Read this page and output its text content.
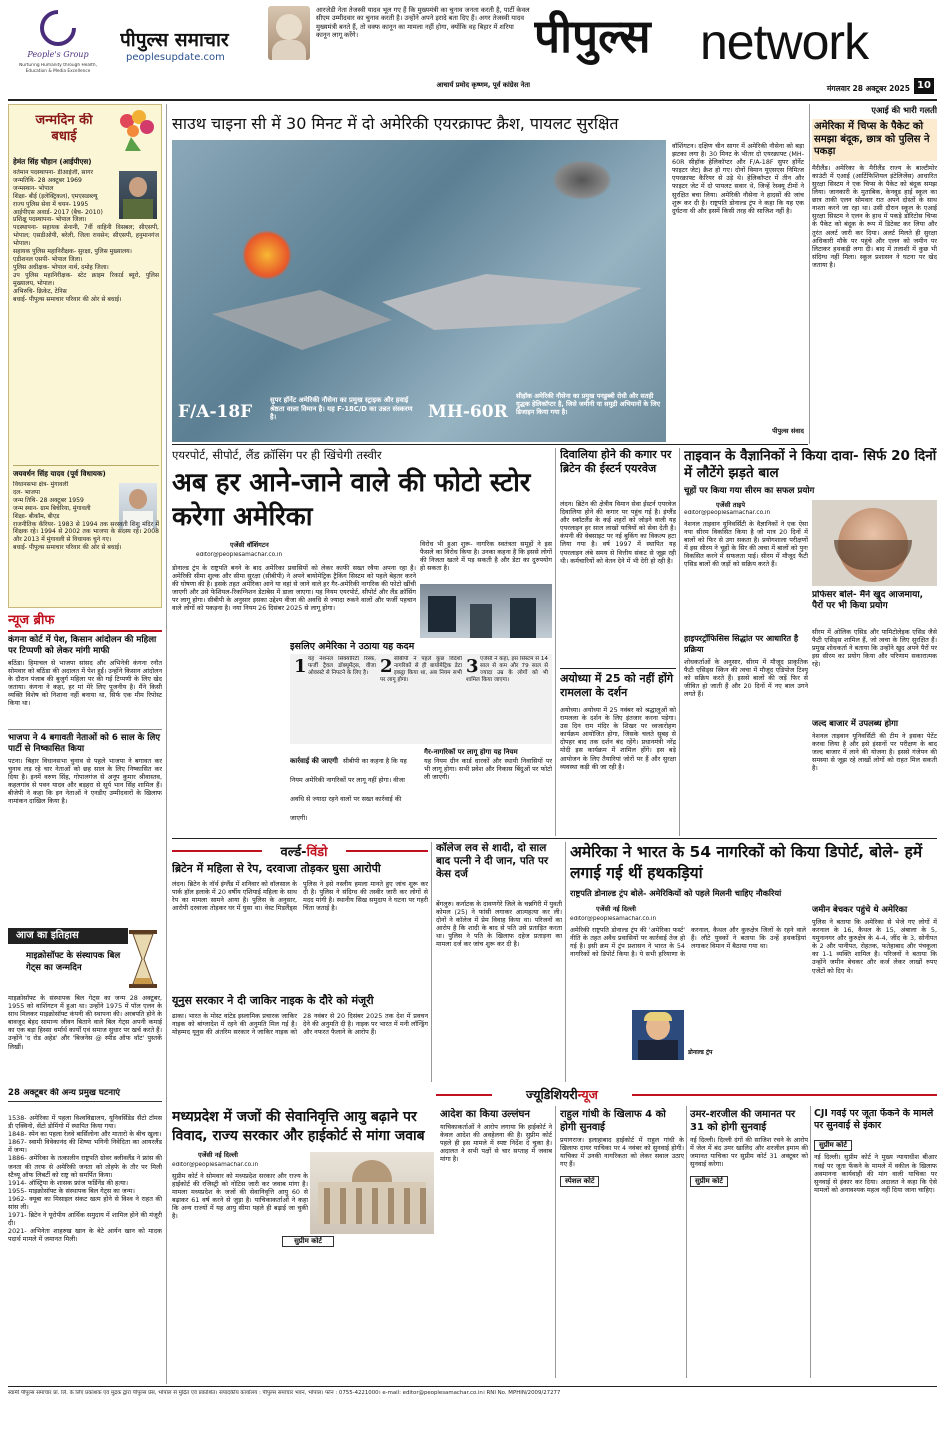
People's Group
Nurturing Humanity through Health, Education & Media Excellence
पीपुल्स समाचार
peoplesupdate.com
आरजेडी नेता तेजस्वी यादव भूल गए हैं कि मुख्यमंत्री का चुनाव जनता करती है, पार्टी केवल सीएम उम्मीदवार का चुनाव करती है। उन्होंने अपने इरादे बता दिए हैं। अगर तेजस्वी यादव मुख्यमंत्री बनते हैं, तो वक्फ कानून का मामला नहीं होगा, क्योंकि वह बिहार में शरिया कानून लागू करेंगे।
आचार्य प्रमोद कृष्णम, पूर्व कांग्रेस नेता
पीपुल्स network
मंगलवार 28 अक्टूबर 2025 10
जन्मदिन की बधाई
हेमंत सिंह चौहान (आईपीएस)
वर्तमान पदस्थापना- डीआईजी, सागर
जन्मतिथि- 28 अक्टूबर 1969
जन्मस्थान- भोपाल
शिक्षा- बीई (इलेक्ट्रिकल), एमएसडब्ल्यू
राज्य पुलिस सेवा में चयन- 1995
आईपीएस अवार्ड- 2017 (बैच- 2010)
प्रशिक्षु पदस्थापना- भोपाल जिला।
पदस्थापना- सहायक सेनानी, 7वीं वाहिनी विसबल; सीएसपी, भोपाल; एसडीओपी, बरेली, जिला रायसेन; सीएसपी, हनुमानगंज भोपाल।
सहायक पुलिस महानिरीक्षक- सुरक्षा, पुलिस मुख्यालय।
एडीशनल एसपी- भोपाल जिला।
पुलिस अधीक्षक- भोपाल नार्थ, दमोह जिला।
उप पुलिस महानिरीक्षक- स्टेट क्राइम रिकार्ड ब्यूरो, पुलिस मुख्यालय, भोपाल।
अभिरुचि- क्रिकेट, टेनिस
बधाई- पीपुल्स समाचार परिवार की ओर से बधाई।
जयवर्धन सिंह यादव (पूर्व विधायक)
विधानसभा क्षेत्र- मुंगावली
दल- भाजपा
जन्म तिथि- 28 अक्टूबर 1959
जन्म स्थान- ग्राम बिचेरिया, मुंगावली
शिक्षा- बीकॉम, बीएड
राजनीतिक कॅरियर- 1983 से 1994 तक सरस्वती शिशु मंदिर में शिक्षक रहे। 1994 से 2002 तक भाजपा के सदस्य रहे। 2008 और 2013 में मुंगावली से विधायक चुने गए।
बधाई- पीपुल्स समाचार परिवार की ओर से बधाई।
न्यूज ब्रीफ
कंगना कोर्ट में पेश, किसान आंदोलन की महिला पर टिप्पणी को लेकर मांगी माफी
बठिंडा। हिमाचल से भाजपा सांसद और अभिनेत्री कंगना रनौत सोमवार को बठिंडा की अदालत में पेश हुईं। उन्होंने किसान आंदोलन के दौरान पंजाब की बुजुर्ग महिला पर की गई टिप्पणी के लिए खेद जताया। कंगना ने कहा, हर मां मेरे लिए पूजनीय है। मैंने किसी व्यक्ति विशेष को निशाना नहीं बनाया था, सिर्फ एक मीम रिपोस्ट किया था।
भाजपा ने 4 बगावती नेताओं को 6 साल के लिए पार्टी से निष्कासित किया
पटना। बिहार विधानसभा चुनाव से पहले भाजपा ने बगावत कर चुनाव लड़ रहे चार नेताओं को छह साल के लिए निष्कासित कर दिया है। इनमें वरुण सिंह, गोपालगंज से अनूप कुमार श्रीवास्तव, कहलगांव से पवन यादव और बड़हरा से सूर्य भान सिंह शामिल हैं। बीजेपी ने कहा कि इन नेताओं ने एनडीए उम्मीदवारों के खिलाफ नामांकन दाखिल किया है।
आज का इतिहास
माइक्रोसॉफ्ट के संस्थापक बिल गेट्स का जन्मदिन
माइक्रोसॉफ्ट के संस्थापक बिल गेट्स का जन्म 28 अक्टूबर, 1955 को वाशिंगटन में हुआ था। उन्होंने 1975 में पॉल एलन के साथ मिलकर माइक्रोसॉफ्ट कंपनी की स्थापना की। अरबपति होने के बावजूद बेहद सामान्य जीवन बिताने वाले बिल गेट्स अपनी कमाई का एक बड़ा हिस्सा धर्मार्थ कार्यों एवं समाज सुधार पर खर्च करते हैं। उन्होंने 'द रोड अहेड' और 'बिजनेस @ स्पीड ऑफ थॉट' पुस्तकें लिखीं।
28 अक्टूबर की अन्य प्रमुख घटनाएं

1538- अमेरिका में पहला विश्वविद्यालय, यूनिवर्सिडेड सैंटो टॉमस डी एक्विनो, सेंटो डोमिंगो में स्थापित किया गया।

1848- स्पेन का पहला रेलवे बार्सिलोना और मातारो के बीच खुला।

1867- स्वामी विवेकानंद की शिष्या भगिनी निवेदिता का आयरलैंड में जन्म।

1886- अमेरिका के तत्कालीन राष्ट्रपति ग्रोवर क्लीवलैंड ने फ्रांस की जनता की तरफ से अमेरिकी जनता को तोहफे के तौर पर मिली स्टैच्यू ऑफ लिबर्टी को राष्ट्र को समर्पित किया।

1914- ऑस्ट्रिया के शासक फ्रांज फर्डिनेंड की हत्या।

1955- माइक्रोसॉफ्ट के संस्थापक बिल गेट्स का जन्म।

1962- क्यूबा का मिसाइल संकट खत्म होने से विश्व ने राहत की सांस ली।

1971- ब्रिटेन ने यूरोपीय आर्थिक समुदाय में शामिल होने की मंजूरी दी।

2021- अभिनेता शाहरुख खान के बेटे आर्यन खान को मादक पदार्थ मामले में जमानत मिली।

साउथ चाइना सी में 30 मिनट में दो अमेरिकी एयरक्राफ्ट क्रैश, पायलट सुरक्षित
F/A-18F
सुपर हॉर्नेट अमेरिकी नौसेना का प्रमुख स्ट्राइक और हवाई श्रेष्ठता वाला विमान है। यह F-18C/D का उन्नत संस्करण है।	MH-60R
सीहॉक अमेरिकी नौसेना का प्रमुख पनडुब्बी रोधी और सतही युद्धक हेलिकॉप्टर है, जिसे जमीनी या समुद्री अभियानों के लिए डिजाइन किया गया है।
वॉशिंगटन। दक्षिण चीन सागर में अमेरिकी नौसेना को बड़ा झटका लगा है। 30 मिनट के भीतर दो एयरक्राफ्ट (MH-60R सीहॉक हेलिकॉप्टर और F/A-18F सुपर हॉर्नेट फाइटर जेट) क्रैश हो गए। दोनों विमान यूएसएस निमित्ज एयरक्राफ्ट कैरियर से उड़े थे। हेलिकॉप्टर में तीन और फाइटर जेट में दो पायलट सवार थे, जिन्हें रेस्क्यू टीमों ने सुरक्षित बचा लिया। अमेरिकी नौसेना ने हादसों की जांच शुरू कर दी है। राष्ट्रपति डोनाल्ड ट्रंप ने कहा कि यह एक दुर्घटना थी और इसमें किसी तरह की साजिश नहीं है।
पीपुल्स संवाद
एआई की भारी गलती
अमेरिका में चिप्स के पैकेट को समझा बंदूक, छात्र को पुलिस ने पकड़ा
मैरीलैंड। अमेरिका के मैरीलैंड राज्य के बाल्टीमोर काउंटी में एआई (आर्टिफिशियल इंटेलिजेंस) आधारित सुरक्षा सिस्टम ने एक चिप्स के पैकेट को बंदूक समझ लिया। जानकारी के मुताबिक, केनवुड हाई स्कूल का छात्र ताकी एलन सोमवार रात अपने दोस्तों के साथ नाश्ता करने जा रहा था। उसी दौरान स्कूल के एआई सुरक्षा सिस्टम ने एलन के हाथ में पकड़े डोरिटोस चिप्स के पैकेट को बंदूक के रूप में डिटेक्ट कर लिया और तुरंत अलर्ट जारी कर दिया। अलर्ट मिलते ही सुरक्षा अधिकारी मौके पर पहुंचे और एलन को जमीन पर लिटाकर हथकड़ी लगा दी। बाद में तलाशी में कुछ भी संदिग्ध नहीं मिला। स्कूल प्रशासन ने घटना पर खेद जताया है।
एयरपोर्ट, सीपोर्ट, लैंड क्रॉसिंग पर ही खिंचेगी तस्वीर
अब हर आने-जाने वाले की फोटो स्टोर करेगा अमेरिका
एजेंसी वॉशिंगटन
editor@peoplesamachar.co.in
डोनाल्ड ट्रंप के राष्ट्रपति बनने के बाद अमेरिका प्रवासियों को लेकर काफी सख्त रवैया अपना रहा है। अमेरिकी सीमा शुल्क और सीमा सुरक्षा (सीबीपी) ने अपने बायोमेट्रिक ट्रैकिंग सिस्टम को पहले बेहतर करने की घोषणा की है। इसके तहत अमेरिका आने या वहां से जाने वाले हर गैर-अमेरिकी नागरिक की फोटो खींची जाएगी और उसे फेशियल-रिकग्निशन डेटाबेस में डाला जाएगा। यह नियम एयरपोर्ट, सीपोर्ट और लैंड क्रॉसिंग पर लागू होगा। सीबीपी के अनुसार इसका उद्देश्य वीजा की अवधि से ज्यादा रुकने वालों और फर्जी पहचान वाले लोगों को पकड़ना है। नया नियम 26 दिसंबर 2025 से लागू होगा।
विरोध भी हुआ शुरू- नागरिक स्वतंत्रता समूहों ने इस फैसले का विरोध किया है। उनका कहना है कि इससे लोगों की निजता खतरे में पड़ सकती है और डेटा का दुरुपयोग हो सकता है।
इसलिए अमेरिका ने उठाया यह कदम
1 यह नेशनल सिक्योरिटी रिस्क, फर्जी ट्रैवल डॉक्यूमेंट्स, वीजा ओवरस्टे से निपटने के लिए है। 2 सीबीपी ने पहले कुछ विदेशी नागरिकों से ही बायोमेट्रिक डेटा इकट्ठा किया था, अब नियम सभी पर लागू होगा।
3 एजेंसी ने कहा, इस सिस्टम से 14 साल से कम और 79 साल से ज्यादा उम्र के लोगों को भी शामिल किया जाएगा।
कार्रवाई की जाएगी सीबीपी का कहना है कि यह नियम अमेरिकी नागरिकों पर लागू नहीं होगा। वीजा अवधि से ज्यादा रहने वालों पर सख्त कार्रवाई की जाएगी।
गैर-नागरिकों पर लागू होगा यह नियम
यह नियम ग्रीन कार्ड धारकों और स्थायी निवासियों पर भी लागू होगा। सभी प्रवेश और निकास बिंदुओं पर फोटो ली जाएगी।
दिवालिया होने की कगार पर ब्रिटेन की ईस्टर्न एयरवेज
लंदन। ब्रिटेन की क्षेत्रीय विमान सेवा ईस्टर्न एयरवेज दिवालिया होने की कगार पर पहुंच गई है। इंग्लैंड और स्कॉटलैंड के कई शहरों को जोड़ने वाली यह एयरलाइन हर साल लाखों यात्रियों को सेवा देती है। कंपनी की वेबसाइट पर नई बुकिंग का विकल्प हटा लिया गया है। वर्ष 1997 में स्थापित यह एयरलाइन लंबे समय से वित्तीय संकट से जूझ रही थी। कर्मचारियों को वेतन देने में भी देरी हो रही है।
अयोध्या में 25 को नहीं होंगे रामलला के दर्शन
अयोध्या। अयोध्या में 25 नवंबर को श्रद्धालुओं को रामलला के दर्शन के लिए इंतजार करना पड़ेगा। उस दिन राम मंदिर के शिखर पर ध्वजारोहण कार्यक्रम आयोजित होगा, जिसके चलते सुबह से दोपहर बाद तक दर्शन बंद रहेंगे। प्रधानमंत्री नरेंद्र मोदी इस कार्यक्रम में शामिल होंगे। इस बड़े आयोजन के लिए तैयारियां जोरों पर हैं और सुरक्षा व्यवस्था कड़ी की जा रही है।
ताइवान के वैज्ञानिकों ने किया दावा- सिर्फ 20 दिनों में लौटेंगे झड़ते बाल
चूहों पर किया गया सीरम का सफल प्रयोग
एजेंसी ताइपे
editor@peoplesamachar.co.in
नेशनल ताइवान यूनिवर्सिटी के वैज्ञानिकों ने एक ऐसा नया सीरम विकसित किया है जो मात्र 20 दिनों में बालों को फिर से उगा सकता है। प्रयोगशाला परीक्षणों में इस सीरम ने चूहों के सिर की त्वचा में बालों को पुनः विकसित करने में सफलता पाई। सीरम में मौजूद फैटी एसिड बालों की जड़ों को सक्रिय करते हैं।
प्रोफेसर बोले- मैंने खुद आजमाया, पैरों पर भी किया प्रयोग
हाइपरट्रॉफिसिस सिद्धांत पर आधारित है प्रक्रिया
शोधकर्ताओं के अनुसार, सीरम में मौजूद प्राकृतिक फैटी एसिड्स स्किन की त्वचा में मौजूद एडिपोज टिश्यू को सक्रिय करते हैं। इससे बालों की जड़ें फिर से जीवित हो जाती हैं और 20 दिनों में नए बाल उगने लगते हैं।
सीरम में ओलिक एसिड और पामिटोलेइक एसिड जैसे फैटी एसिड्स शामिल हैं, जो त्वचा के लिए सुरक्षित हैं। प्रमुख शोधकर्ता ने बताया कि उन्होंने खुद अपने पैरों पर इस सीरम का प्रयोग किया और परिणाम सकारात्मक रहे।
जल्द बाजार में उपलब्ध होगा
नेशनल ताइवान यूनिवर्सिटी की टीम ने इसका पेटेंट करवा लिया है और इसे इंसानों पर परीक्षण के बाद जल्द बाजार में लाने की योजना है। इससे गंजेपन की समस्या से जूझ रहे लाखों लोगों को राहत मिल सकती है।
वर्ल्ड-विंडो
ब्रिटेन में महिला से रेप, दरवाजा तोड़कर घुसा आरोपी
लंदन। ब्रिटेन के नॉर्थ इंग्लैंड में शनिवार को वॉलसाल के पार्क हॉल इलाके में 20 वर्षीय एशियाई महिला के साथ रेप का मामला सामने आया है। पुलिस के अनुसार, आरोपी दरवाजा तोड़कर घर में घुसा था। वेस्ट मिडलैंड्स पुलिस ने इसे नस्लीय हमला मानते हुए जांच शुरू कर दी है। पुलिस ने संदिग्ध की तस्वीर जारी कर लोगों से मदद मांगी है। स्थानीय सिख समुदाय ने घटना पर गहरी चिंता जताई है।
यूनुस सरकार ने दी जाकिर नाइक के दौरे को मंजूरी
ढाका। भारत के मोस्ट वांटेड इस्लामिक प्रचारक जाकिर नाइक को बांग्लादेश में रहने की अनुमति मिल गई है। मोहम्मद यूनुस की अंतरिम सरकार ने जाकिर नाइक को 28 नवंबर से 20 दिसंबर 2025 तक देश में प्रवचन देने की अनुमति दी है। नाइक पर भारत में मनी लॉन्ड्रिंग और नफरत फैलाने के आरोप हैं।
कॉलेज लव से शादी, दो साल बाद पत्नी ने दी जान, पति पर केस दर्ज
बेंगलुरु। कर्नाटक के दावणगेरे जिले के चन्नगिरी में युवती कोमल (25) ने फांसी लगाकर आत्महत्या कर ली। दोनों ने कॉलेज में प्रेम विवाह किया था। परिजनों का आरोप है कि शादी के बाद से पति उसे प्रताड़ित करता था। पुलिस ने पति के खिलाफ दहेज प्रताड़ना का मामला दर्ज कर जांच शुरू कर दी है।
अमेरिका ने भारत के 54 नागरिकों को किया डिपोर्ट, बोले- हमें लगाई गई थीं हथकड़ियां
राष्ट्रपति डोनाल्ड ट्रंप बोले- अमेरिकियों को पहले मिलनी चाहिए नौकरियां
एजेंसी नई दिल्ली
editor@peoplesamachar.co.in
अमेरिकी राष्ट्रपति डोनाल्ड ट्रंप की 'अमेरिका फर्स्ट' नीति के तहत अवैध प्रवासियों पर कार्रवाई तेज हो गई है। इसी क्रम में ट्रंप प्रशासन ने भारत के 54 नागरिकों को डिपोर्ट किया है। ये सभी हरियाणा के करनाल, कैथल और कुरुक्षेत्र जिलों के रहने वाले हैं। लौटे युवकों ने बताया कि उन्हें हथकड़ियां लगाकर विमान में बैठाया गया था।
डोनाल्ड ट्रंप
जमीन बेचकर पहुंचे थे अमेरिका
पुलिस ने बताया कि अमेरिका से भेजे गए लोगों में करनाल के 16, कैथल के 15, अंबाला के 5, यमुनानगर और कुरुक्षेत्र के 4-4, जींद के 3, सोनीपत के 2 और पानीपत, रोहतक, फतेहाबाद और पंचकूला का 1-1 व्यक्ति शामिल है। परिजनों ने बताया कि उन्होंने जमीन बेचकर और कर्ज लेकर लाखों रुपए एजेंटों को दिए थे।
ज्यूडिशियरीन्यूज
मध्यप्रदेश में जजों की सेवानिवृत्ति आयु बढ़ाने पर विवाद, राज्य सरकार और हाईकोर्ट से मांगा जवाब
एजेंसी नई दिल्ली
editor@peoplesamachar.co.in
सुप्रीम कोर्ट
सुप्रीम कोर्ट ने सोमवार को मध्यप्रदेश सरकार और राज्य के हाईकोर्ट की रजिस्ट्री को नोटिस जारी कर जवाब मांगा है। मामला मध्यप्रदेश के जजों की सेवानिवृत्ति आयु 60 से बढ़ाकर 61 वर्ष करने से जुड़ा है। याचिकाकर्ताओं ने कहा कि अन्य राज्यों में यह आयु सीमा पहले ही बढ़ाई जा चुकी है।
आदेश का किया उल्लंघन
याचिकाकर्ताओं ने आरोप लगाया कि हाईकोर्ट ने केवल आदेश की अवहेलना की है। सुप्रीम कोर्ट पहले ही इस मामले में स्पष्ट निर्देश दे चुका है। अदालत ने सभी पक्षों से चार सप्ताह में जवाब मांगा है।
राहुल गांधी के खिलाफ 4 को होगी सुनवाई
प्रयागराज। इलाहाबाद हाईकोर्ट में राहुल गांधी के खिलाफ दायर याचिका पर 4 नवंबर को सुनवाई होगी। याचिका में उनकी नागरिकता को लेकर सवाल उठाए गए हैं।
स्पेशल कोर्ट
उमर-शरजील की जमानत पर 31 को होगी सुनवाई
नई दिल्ली। दिल्ली दंगों की साजिश रचने के आरोप में जेल में बंद उमर खालिद और शरजील इमाम की जमानत याचिका पर सुप्रीम कोर्ट 31 अक्टूबर को सुनवाई करेगा।
सुप्रीम कोर्ट
CJI गवई पर जूता फेंकने के मामले पर सुनवाई से इंकार
सुप्रीम कोर्ट
नई दिल्ली। सुप्रीम कोर्ट ने मुख्य न्यायाधीश बीआर गवई पर जूता फेंकने के मामले में वकील के खिलाफ अवमानना कार्यवाही की मांग वाली याचिका पर सुनवाई से इंकार कर दिया। अदालत ने कहा कि ऐसे मामलों को अनावश्यक महत्व नहीं दिया जाना चाहिए।
स्वामी पीपुल्स समाचार प्रा. लि. के लिए प्रकाशक एवं मुद्रक द्वारा पीपुल्स प्रेस, भोपाल से मुद्रित एवं प्रकाशित। संपादकीय कार्यालय : पीपुल्स समाचार भवन, भोपाल। फोन : 0755-4221000। e-mail: editor@peoplesamachar.co.in। RNI No. MPHIN/2009/27277
